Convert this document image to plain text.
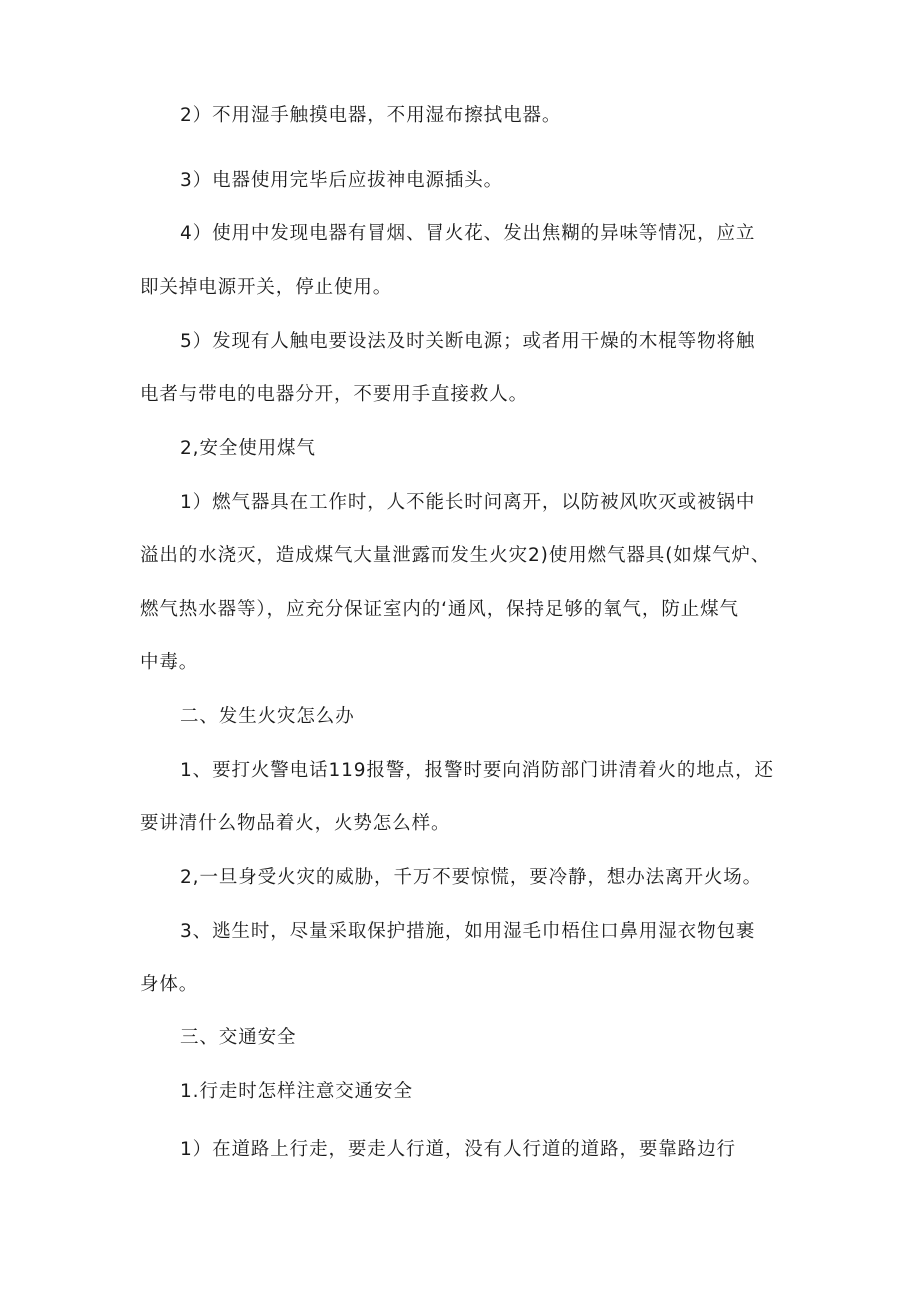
2）不用湿手触摸电器，不用湿布擦拭电器。
3）电器使用完毕后应拔神电源插头。
4）使用中发现电器有冒烟、冒火花、发出焦糊的异味等情况，应立
即关掉电源开关，停止使用。
5）发现有人触电要设法及时关断电源；或者用干燥的木棍等物将触
电者与带电的电器分开，不要用手直接救人。
2,安全使用煤气
1）燃气器具在工作时，人不能长时问离开，以防被风吹灭或被锅中
溢出的水浇灭，造成煤气大量泄露而发生火灾2)使用燃气器具(如煤气炉、
燃气热水器等），应充分保证室内的‘通风，保持足够的氧气，防止煤气
中毒。
二、发生火灾怎么办
1、要打火警电话119报警，报警时要向消防部门讲清着火的地点，还
要讲清什么物品着火，火势怎么样。
2,一旦身受火灾的威胁，千万不要惊慌，要冷静，想办法离开火场。
3、逃生时，尽量采取保护措施，如用湿毛巾梧住口鼻用湿衣物包裹
身体。
三、交通安全
1.行走时怎样注意交通安全
1）在道路上行走，要走人行道，没有人行道的道路，要靠路边行
